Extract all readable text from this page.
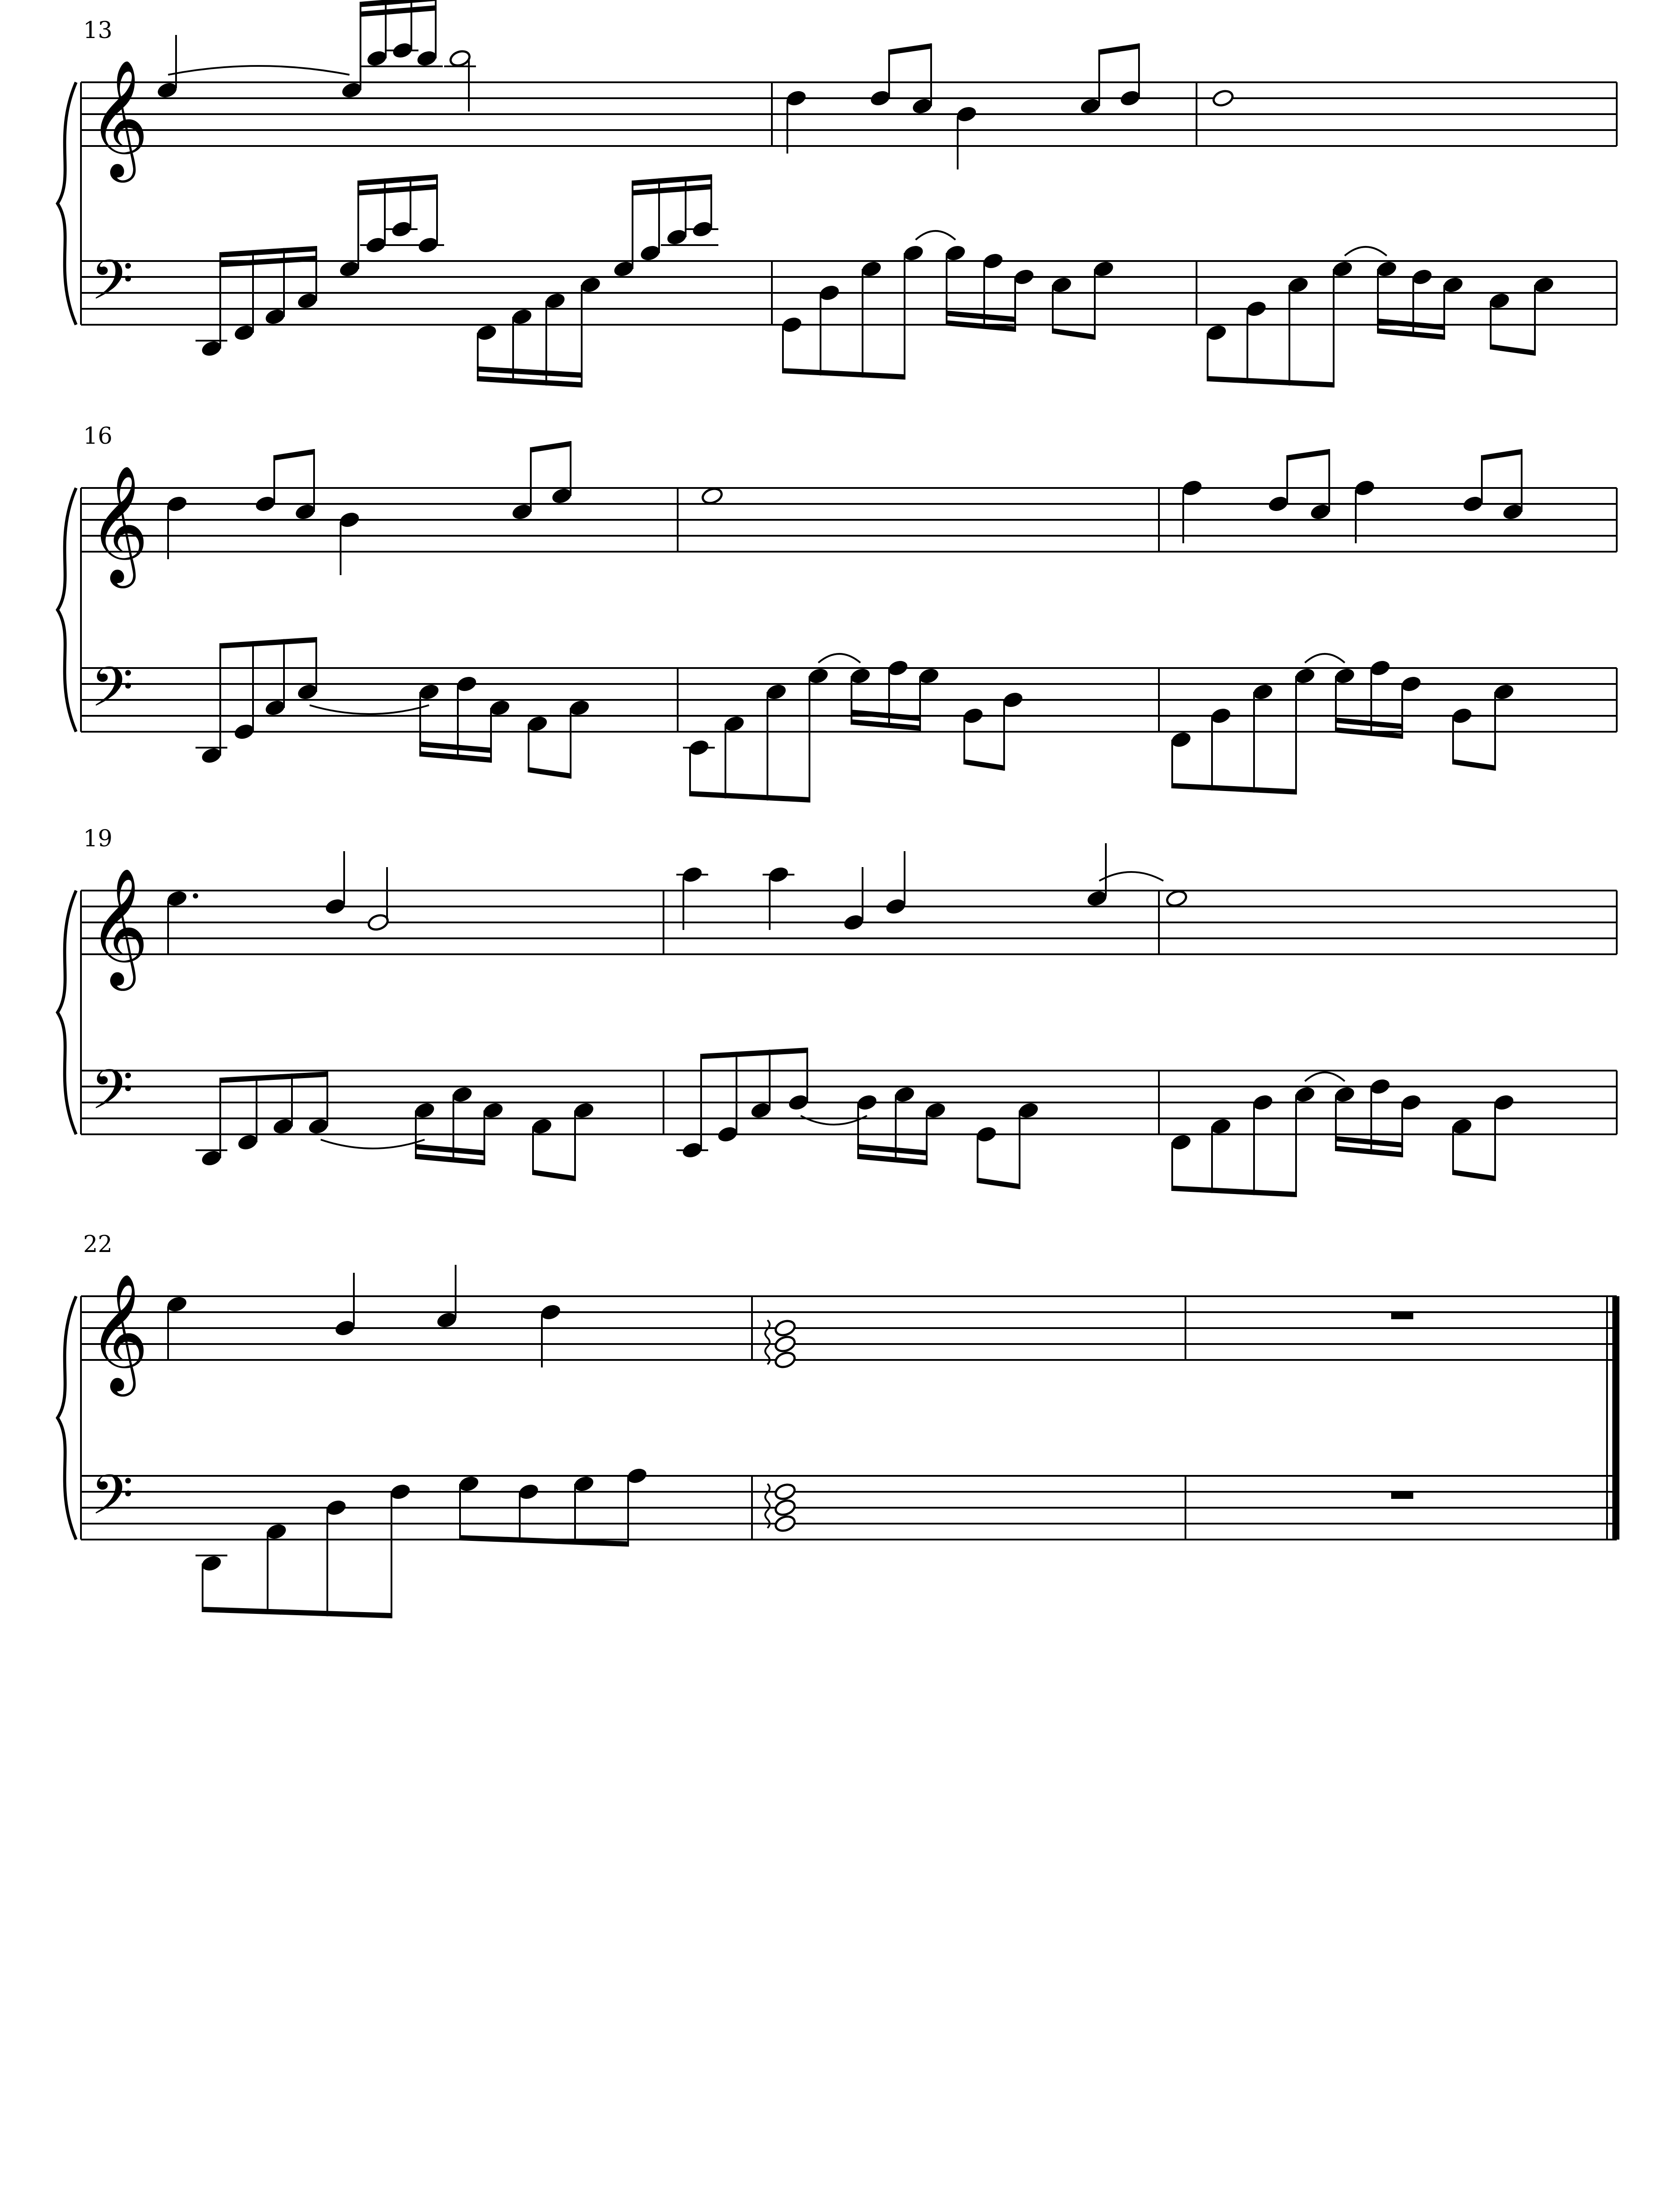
13
𝄞
𝄢
16
𝄞
𝄢
19
𝄞
𝄢
22
𝄞
𝄢
